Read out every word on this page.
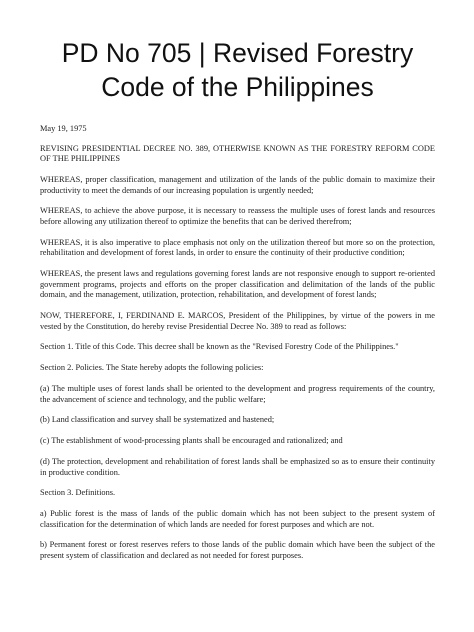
PD No 705 | Revised Forestry
Code of the Philippines

May 19, 1975

REVISING PRESIDENTIAL DECREE NO. 389, OTHERWISE KNOWN AS THE FORESTRY REFORM CODE OF THE PHILIPPINES

WHEREAS, proper classification, management and utilization of the lands of the public domain to maximize their productivity to meet the demands of our increasing population is urgently needed;

WHEREAS, to achieve the above purpose, it is necessary to reassess the multiple uses of forest lands and resources before allowing any utilization thereof to optimize the benefits that can be derived therefrom;

WHEREAS, it is also imperative to place emphasis not only on the utilization thereof but more so on the protection, rehabilitation and development of forest lands, in order to ensure the continuity of their productive condition;

WHEREAS, the present laws and regulations governing forest lands are not responsive enough to support re-oriented government programs, projects and efforts on the proper classification and delimitation of the lands of the public domain, and the management, utilization, protection, rehabilitation, and development of forest lands;

NOW, THEREFORE, I, FERDINAND E. MARCOS, President of the Philippines, by virtue of the powers in me vested by the Constitution, do hereby revise Presidential Decree No. 389 to read as follows:

Section 1. Title of this Code. This decree shall be known as the "Revised Forestry Code of the Philippines."

Section 2. Policies. The State hereby adopts the following policies:

(a) The multiple uses of forest lands shall be oriented to the development and progress requirements of the country, the advancement of science and technology, and the public welfare;

(b) Land classification and survey shall be systematized and hastened;

(c) The establishment of wood-processing plants shall be encouraged and rationalized; and

(d) The protection, development and rehabilitation of forest lands shall be emphasized so as to ensure their continuity in productive condition.

Section 3. Definitions.

a) Public forest is the mass of lands of the public domain which has not been subject to the present system of classification for the determination of which lands are needed for forest purposes and which are not.

b) Permanent forest or forest reserves refers to those lands of the public domain which have been the subject of the present system of classification and declared as not needed for forest purposes.
